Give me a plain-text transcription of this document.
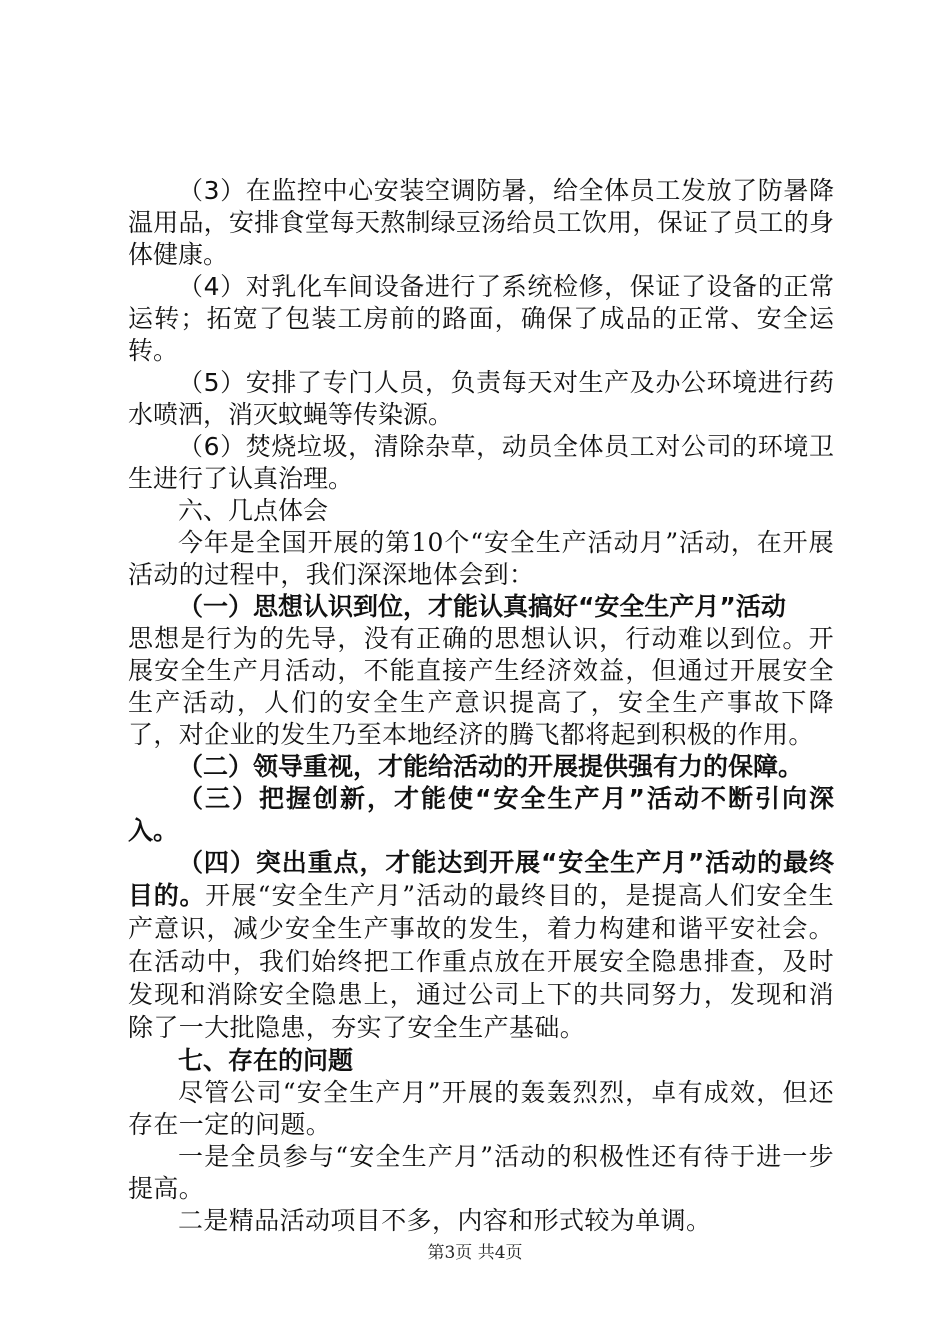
（3）在监控中心安装空调防暑，给全体员工发放了防暑降温用品，安排食堂每天熬制绿豆汤给员工饮用，保证了员工的身体健康。

（4）对乳化车间设备进行了系统检修，保证了设备的正常运转；拓宽了包装工房前的路面，确保了成品的正常、安全运转。

（5）安排了专门人员，负责每天对生产及办公环境进行药水喷洒，消灭蚊蝇等传染源。

（6）焚烧垃圾，清除杂草，动员全体员工对公司的环境卫生进行了认真治理。

六、几点体会

今年是全国开展的第10个“安全生产活动月”活动，在开展活动的过程中，我们深深地体会到：

（一）思想认识到位，才能认真搞好“安全生产月”活动

思想是行为的先导，没有正确的思想认识，行动难以到位。开展安全生产月活动，不能直接产生经济效益，但通过开展安全生产活动，人们的安全生产意识提高了，安全生产事故下降了，对企业的发生乃至本地经济的腾飞都将起到积极的作用。

（二）领导重视，才能给活动的开展提供强有力的保障。

（三）把握创新，才能使“安全生产月”活动不断引向深入。

（四）突出重点，才能达到开展“安全生产月”活动的最终目的。开展“安全生产月”活动的最终目的，是提高人们安全生产意识，减少安全生产事故的发生，着力构建和谐平安社会。在活动中，我们始终把工作重点放在开展安全隐患排查，及时发现和消除安全隐患上，通过公司上下的共同努力，发现和消除了一大批隐患，夯实了安全生产基础。

七、存在的问题

尽管公司“安全生产月”开展的轰轰烈烈，卓有成效，但还存在一定的问题。

一是全员参与“安全生产月”活动的积极性还有待于进一步提高。

二是精品活动项目不多，内容和形式较为单调。

第3页 共4页
